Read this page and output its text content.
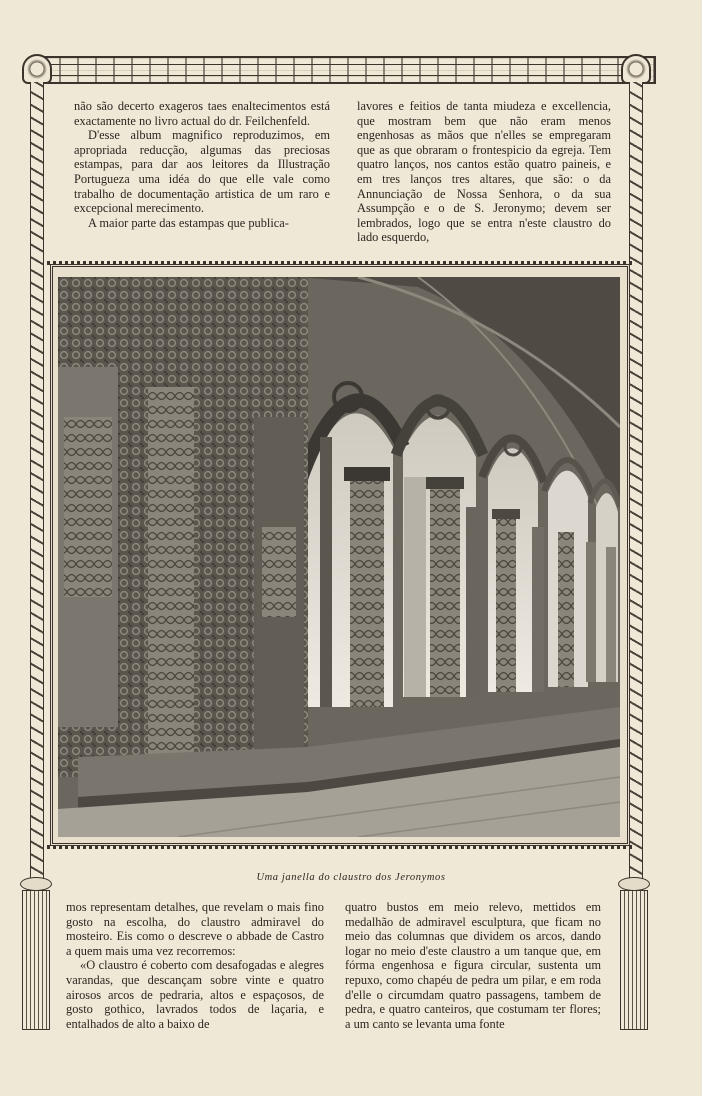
não são decerto exageros taes enaltecimentos está exactamente no livro actual do dr. Feilchenfeld.

D'esse album magnifico reproduzimos, em apropriada reducção, algumas das preciosas estampas, para dar aos leitores da Illustração Portugueza uma idéa do que elle vale como trabalho de documentação artistica de um raro e excepcional merecimento.

A maior parte das estampas que publica-

lavores e feitios de tanta miudeza e excellencia, que mostram bem que não eram menos engenhosas as mãos que n'elles se empregaram que as que obraram o frontespicio da egreja. Tem quatro lanços, nos cantos estão quatro paineis, e em tres lanços tres altares, que são: o da Annunciação de Nossa Senhora, o da sua Assumpção e o de S. Jeronymo; devem ser lembrados, logo que se entra n'este claustro do lado esquerdo,

Uma janella do claustro dos Jeronymos

mos representam detalhes, que revelam o mais fino gosto na escolha, do claustro admiravel do mosteiro. Eis como o descreve o abbade de Castro a quem mais uma vez recorremos:

«O claustro é coberto com desafogadas e alegres varandas, que descançam sobre vinte e quatro airosos arcos de pedraria, altos e espaçosos, de gosto gothico, lavrados todos de laçaria, e entalhados de alto a baixo de

quatro bustos em meio relevo, mettidos em medalhão de admiravel esculptura, que ficam no meio das columnas que dividem os arcos, dando logar no meio d'este claustro a um tanque que, em fórma engenhosa e figura circular, sustenta um repuxo, como chapéu de pedra um pilar, e em roda d'elle o circumdam quatro passagens, tambem de pedra, e quatro canteiros, que costumam ter flores; a um canto se levanta uma fonte
